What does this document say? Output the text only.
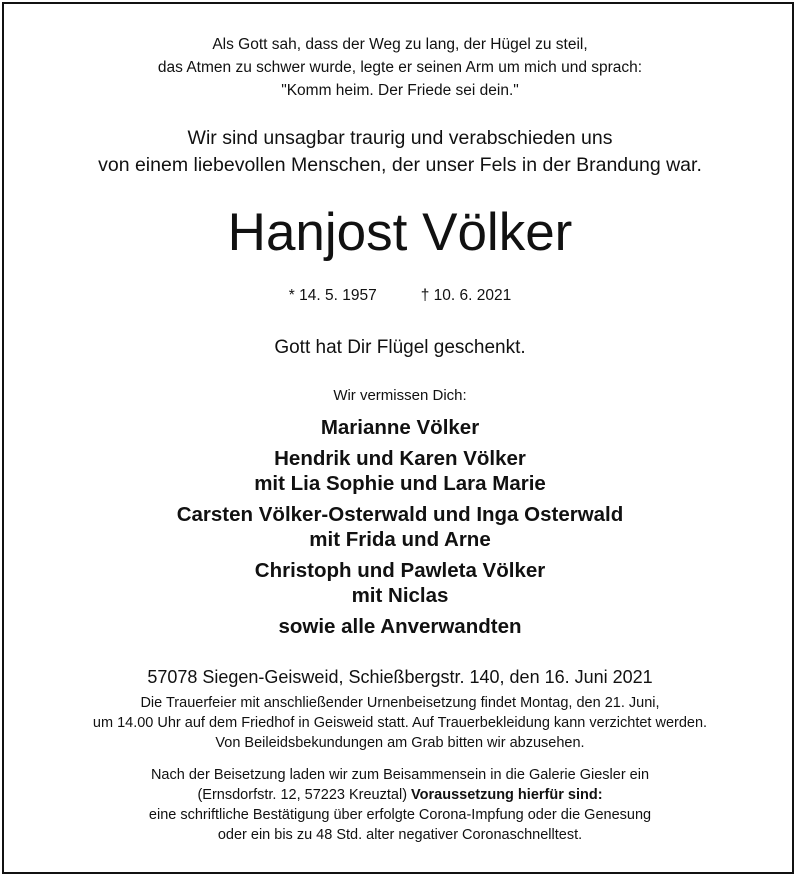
Als Gott sah, dass der Weg zu lang, der Hügel zu steil,
das Atmen zu schwer wurde, legte er seinen Arm um mich und sprach:
"Komm heim. Der Friede sei dein."
Wir sind unsagbar traurig und verabschieden uns
von einem liebevollen Menschen, der unser Fels in der Brandung war.
Hanjost Völker
* 14. 5. 1957	† 10. 6. 2021
Gott hat Dir Flügel geschenkt.
Wir vermissen Dich:
Marianne Völker
Hendrik und Karen Völker
mit Lia Sophie und Lara Marie
Carsten Völker-Osterwald und Inga Osterwald
mit Frida und Arne
Christoph und Pawleta Völker
mit Niclas
sowie alle Anverwandten
57078 Siegen-Geisweid, Schießbergstr. 140, den 16. Juni 2021
Die Trauerfeier mit anschließender Urnenbeisetzung findet Montag, den 21. Juni,
um 14.00 Uhr auf dem Friedhof in Geisweid statt. Auf Trauerbekleidung kann verzichtet werden.
Von Beileidsbekundungen am Grab bitten wir abzusehen.
Nach der Beisetzung laden wir zum Beisammensein in die Galerie Giesler ein
(Ernsdorfstr. 12, 57223 Kreuztal) Voraussetzung hierfür sind:
eine schriftliche Bestätigung über erfolgte Corona-Impfung oder die Genesung
oder ein bis zu 48 Std. alter negativer Coronaschnelltest.
